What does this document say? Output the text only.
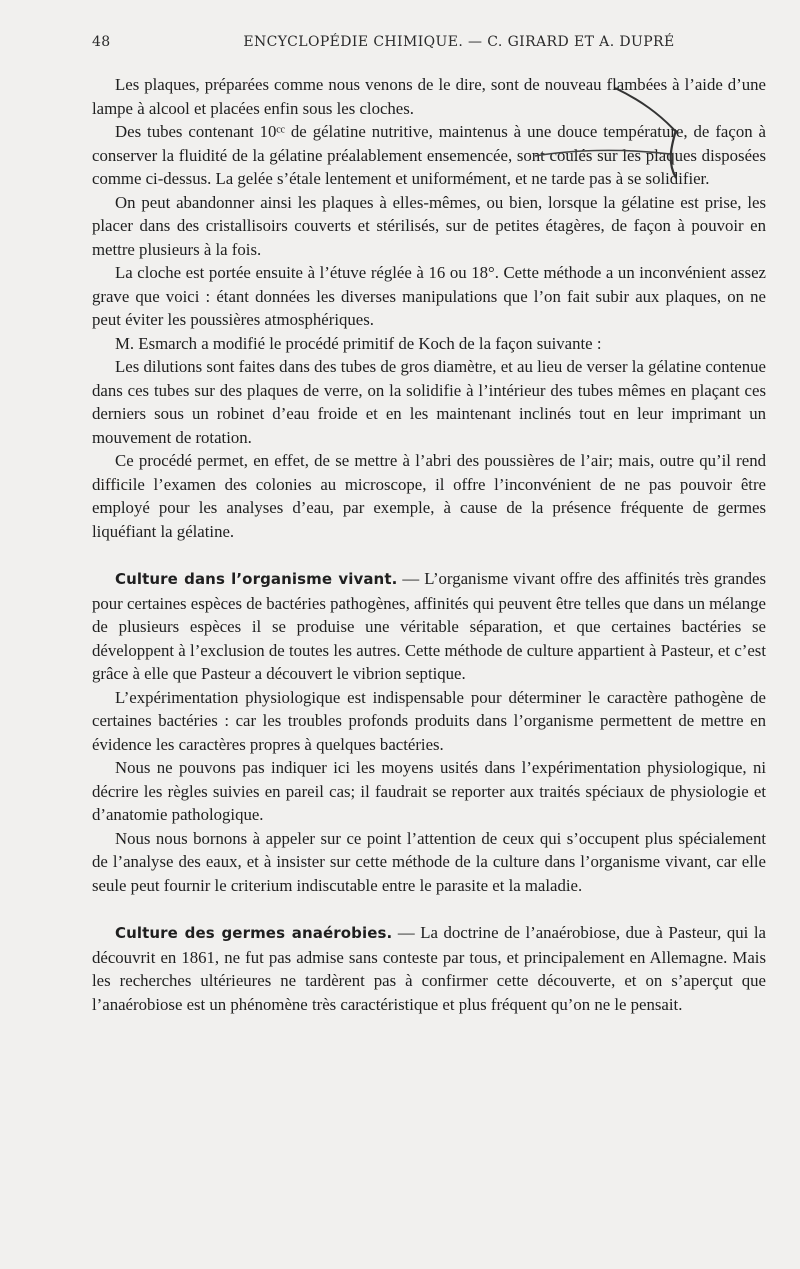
48	ENCYCLOPÉDIE CHIMIQUE. — C. GIRARD ET A. DUPRÉ

Les plaques, préparées comme nous venons de le dire, sont de nouveau flambées à l’aide d’une lampe à alcool et placées enfin sous les cloches.

Des tubes contenant 10ᶜᶜ de gélatine nutritive, maintenus à une douce température, de façon à conserver la fluidité de la gélatine préalablement ensemencée, sont coulés sur les plaques disposées comme ci-dessus. La gelée s’étale lentement et uniformément, et ne tarde pas à se solidifier.

On peut abandonner ainsi les plaques à elles-mêmes, ou bien, lorsque la gélatine est prise, les placer dans des cristallisoirs couverts et stérilisés, sur de petites étagères, de façon à pouvoir en mettre plusieurs à la fois.

La cloche est portée ensuite à l’étuve réglée à 16 ou 18°. Cette méthode a un inconvénient assez grave que voici : étant données les diverses manipulations que l’on fait subir aux plaques, on ne peut éviter les poussières atmosphériques.

M. Esmarch a modifié le procédé primitif de Koch de la façon suivante :

Les dilutions sont faites dans des tubes de gros diamètre, et au lieu de verser la gélatine contenue dans ces tubes sur des plaques de verre, on la solidifie à l’intérieur des tubes mêmes en plaçant ces derniers sous un robinet d’eau froide et en les maintenant inclinés tout en leur imprimant un mouvement de rotation.

Ce procédé permet, en effet, de se mettre à l’abri des poussières de l’air; mais, outre qu’il rend difficile l’examen des colonies au microscope, il offre l’inconvénient de ne pas pouvoir être employé pour les analyses d’eau, par exemple, à cause de la présence fréquente de germes liquéfiant la gélatine.

Culture dans l’organisme vivant. — L’organisme vivant offre des affinités très grandes pour certaines espèces de bactéries pathogènes, affinités qui peuvent être telles que dans un mélange de plusieurs espèces il se produise une véritable séparation, et que certaines bactéries se développent à l’exclusion de toutes les autres. Cette méthode de culture appartient à Pasteur, et c’est grâce à elle que Pasteur a découvert le vibrion septique.

L’expérimentation physiologique est indispensable pour déterminer le caractère pathogène de certaines bactéries : car les troubles profonds produits dans l’organisme permettent de mettre en évidence les caractères propres à quelques bactéries.

Nous ne pouvons pas indiquer ici les moyens usités dans l’expérimentation physiologique, ni décrire les règles suivies en pareil cas; il faudrait se reporter aux traités spéciaux de physiologie et d’anatomie pathologique.

Nous nous bornons à appeler sur ce point l’attention de ceux qui s’occupent plus spécialement de l’analyse des eaux, et à insister sur cette méthode de la culture dans l’organisme vivant, car elle seule peut fournir le criterium indiscutable entre le parasite et la maladie.

Culture des germes anaérobies. — La doctrine de l’anaérobiose, due à Pasteur, qui la découvrit en 1861, ne fut pas admise sans conteste par tous, et principalement en Allemagne. Mais les recherches ultérieures ne tardèrent pas à confirmer cette découverte, et on s’aperçut que l’anaérobiose est un phénomène très caractéristique et plus fréquent qu’on ne le pensait.
